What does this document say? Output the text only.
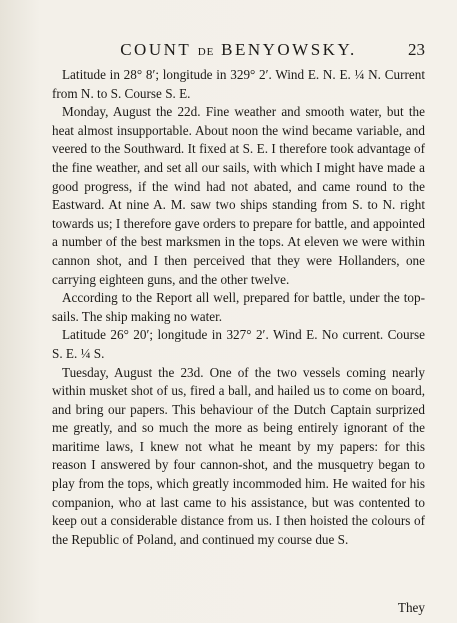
COUNT DE BENYOWSKY.	23

Latitude in 28° 8′; longitude in 329° 2′. Wind E. N. E. ¼ N. Current from N. to S. Course S. E.

Monday, August the 22d. Fine weather and smooth water, but the heat almost insupportable. About noon the wind became variable, and veered to the Southward. It fixed at S. E. I therefore took advantage of the fine weather, and set all our sails, with which I might have made a good progress, if the wind had not abated, and came round to the Eastward. At nine A. M. saw two ships standing from S. to N. right towards us; I therefore gave orders to prepare for battle, and appointed a number of the best marksmen in the tops. At eleven we were within cannon shot, and I then perceived that they were Hollanders, one carrying eighteen guns, and the other twelve.

According to the Report all well, prepared for battle, under the top-sails. The ship making no water.

Latitude 26° 20′; longitude in 327° 2′. Wind E. No current. Course S. E. ¼ S.

Tuesday, August the 23d. One of the two vessels coming nearly within musket shot of us, fired a ball, and hailed us to come on board, and bring our papers. This behaviour of the Dutch Captain surprized me greatly, and so much the more as being entirely ignorant of the maritime laws, I knew not what he meant by my papers: for this reason I answered by four cannon-shot, and the musquetry began to play from the tops, which greatly incommoded him. He waited for his companion, who at last came to his assistance, but was contented to keep out a considerable distance from us. I then hoisted the colours of the Republic of Poland, and continued my course due S.

They
